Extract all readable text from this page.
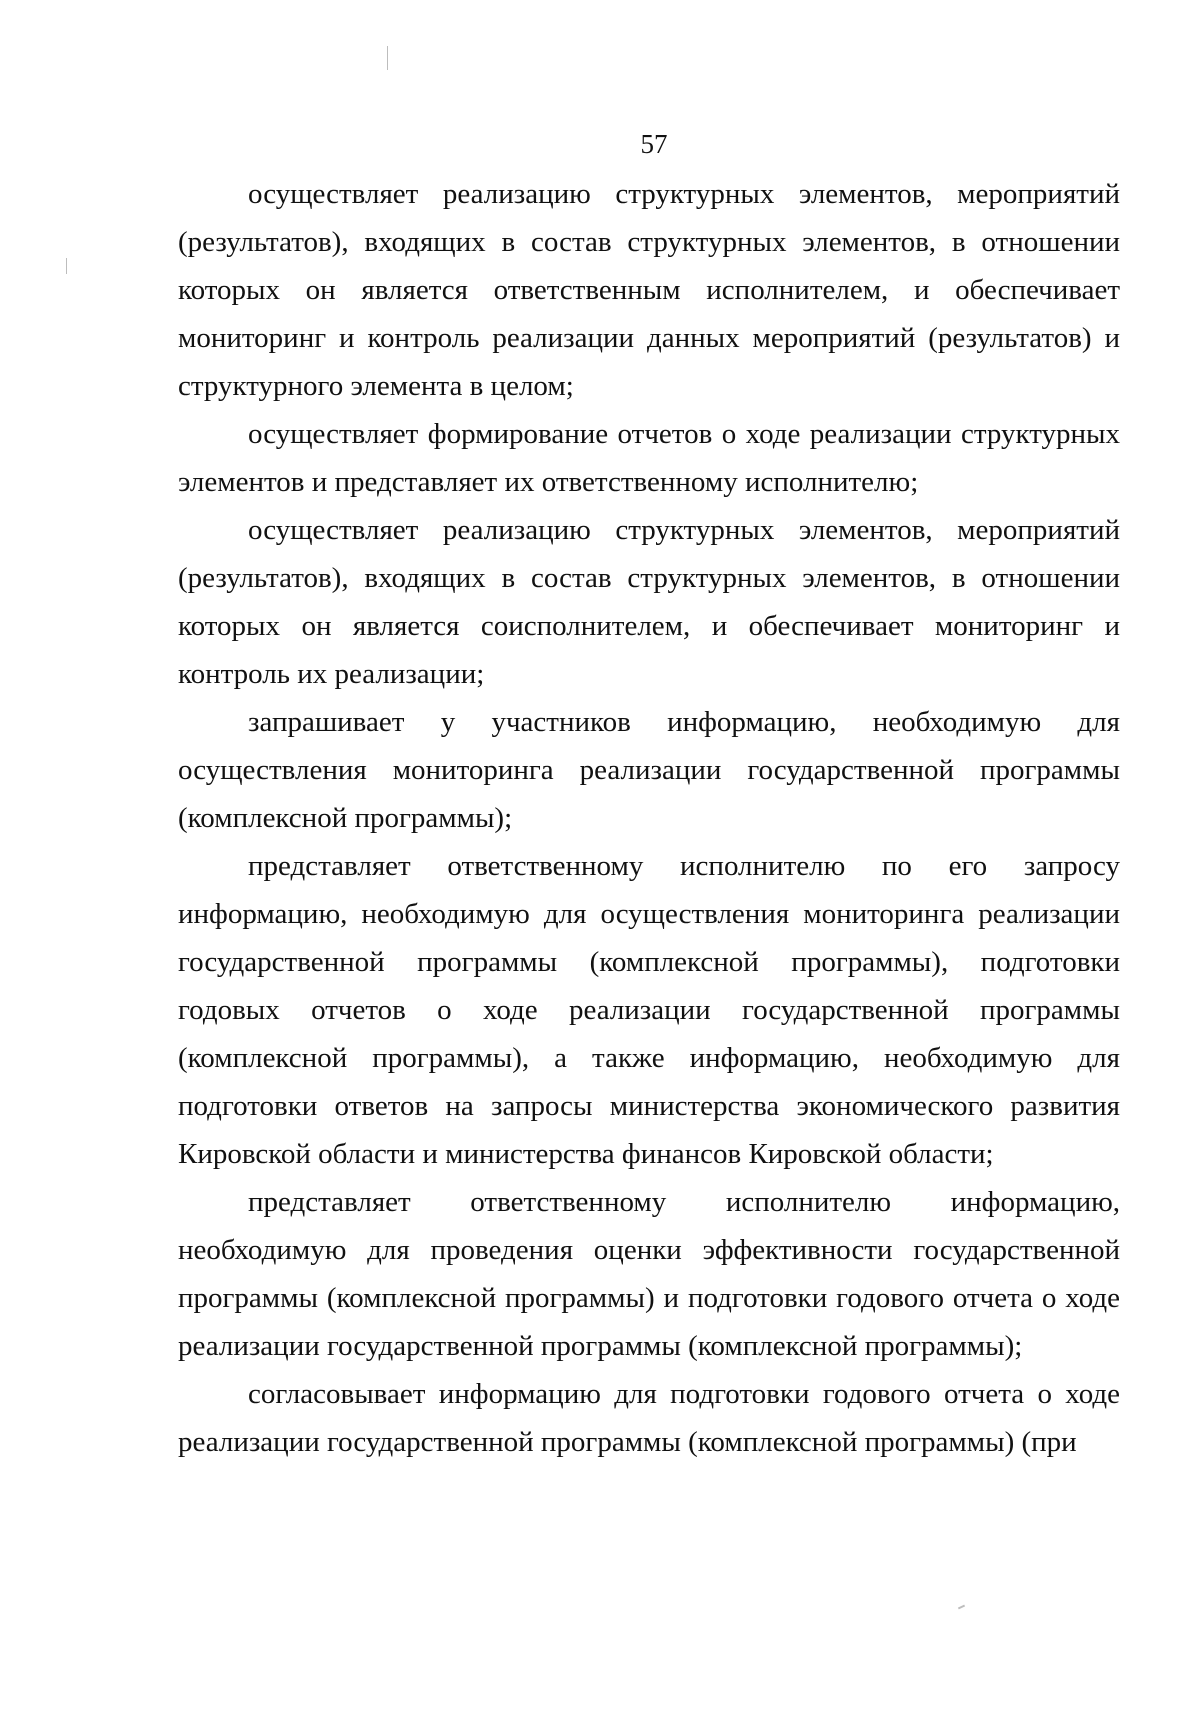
57

осуществляет реализацию структурных элементов, мероприятий (результатов), входящих в состав структурных элементов, в отношении которых он является ответственным исполнителем, и обеспечивает мониторинг и контроль реализации данных мероприятий (результатов) и структурного элемента в целом;

осуществляет формирование отчетов о ходе реализации структурных элементов и представляет их ответственному исполнителю;

осуществляет реализацию структурных элементов, мероприятий (результатов), входящих в состав структурных элементов, в отношении которых он является соисполнителем, и обеспечивает мониторинг и контроль их реализации;

запрашивает у участников информацию, необходимую для осуществления мониторинга реализации государственной программы (комплексной программы);

представляет ответственному исполнителю по его запросу информацию, необходимую для осуществления мониторинга реализации государственной программы (комплексной программы), подготовки годовых отчетов о ходе реализации государственной программы (комплексной программы), а также информацию, необходимую для подготовки ответов на запросы министерства экономического развития Кировской области и министерства финансов Кировской области;

представляет ответственному исполнителю информацию, необходимую для проведения оценки эффективности государственной программы (комплексной программы) и подготовки годового отчета о ходе реализации государственной программы (комплексной программы);

согласовывает информацию для подготовки годового отчета о ходе реализации государственной программы (комплексной программы) (при
